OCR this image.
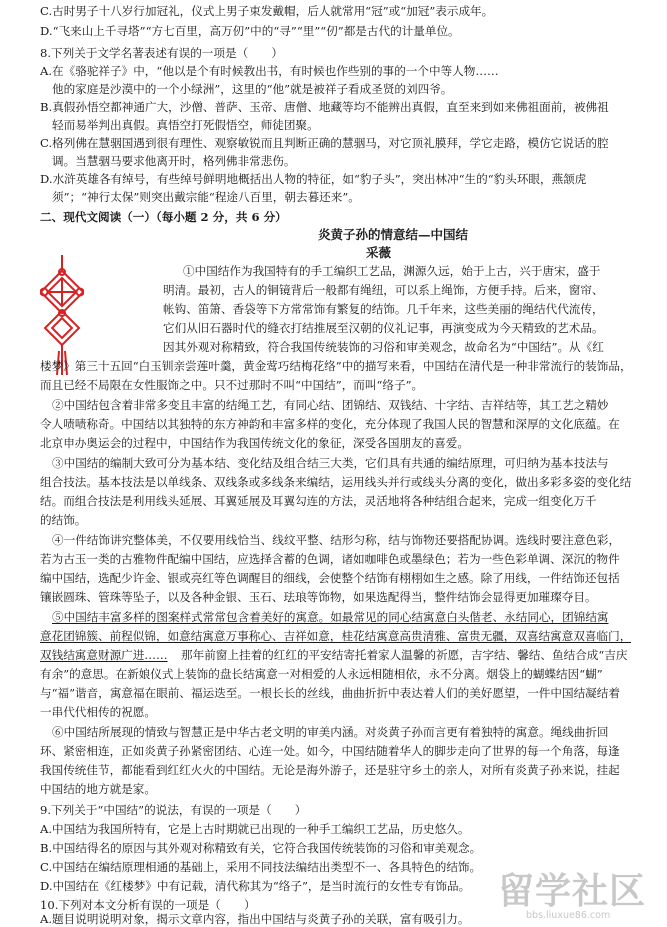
C.古时男子十八岁行加冠礼，仪式上男子束发戴帽，后人就常用“冠”或“加冠”表示成年。
D.“飞来山上千寻塔”“方七百里，高万仞”中的“寻”“里”“仞”都是古代的计量单位。
8.下列关于文学名著表述有误的一项是（　　）
A.在《骆驼祥子》中，“他以是个有时候教出书，有时候也作些别的事的一个中等人物……
他的家庭是沙漠中的一个小绿洲”，这里的“他”就是被祥子看成圣贤的刘四爷。
B.真假孙悟空都神通广大，沙僧、普萨、玉帝、唐僧、地藏等均不能辨出真假，直至来到如来佛祖面前，被佛祖
轻而易举判出真假。真悟空打死假悟空，师徒团聚。
C.格列佛在慧骃国遇到很有理性、观察敏锐而且判断正确的慧骃马，对它顶礼膜拜，学它走路，模仿它说话的腔
调。当慧骃马要求他离开时，格列佛非常悲伤。
D.水浒英雄各有绰号，有些绰号鲜明地概括出人物的特征，如“豹子头”，突出林冲“生的“豹头环眼，燕颔虎
须”；“神行太保”则突出戴宗能“程途八百里，朝去暮还来”。
二、现代文阅读（一）（每小题 2 分，共 6 分）
炎黄子孙的情意结—中国结
采薇
①中国结作为我国特有的手工编织工艺品，渊源久远，始于上古，兴于唐宋，盛于
明清。最初，古人的铜镜背后一般都有绳纽，可以系上绳饰，方便手持。后来，窗帘、
帐钩、笛箫、香袋等下方常常饰有繁复的结饰。几千年来，这些美丽的绳结代代流传，
它们从旧石器时代的缝衣打结推展至汉朝的仪礼记事，再演变成为今天精致的艺术品。
因其外观对称精致，符合我国传统装饰的习俗和审美观念，故命名为“中国结”。从《红
楼梦》第三十五回“白玉钏亲尝莲叶羹，黄金莺巧结梅花络”中的描写来看，中国结在清代是一种非常流行的装饰品，
而且已经不局限在女性服饰之中。只不过那时不叫“中国结”，而叫“络子”。
②中国结包含着非常多变且丰富的结绳工艺，有同心结、团锦结、双钱结、十字结、吉祥结等，其工艺之精妙
令人啧啧称奇。中国结以其独特的东方神韵和丰富多样的变化，充分体现了我国人民的智慧和深厚的文化底蕴。在
北京申办奥运会的过程中，中国结作为我国传统文化的象征，深受各国朋友的喜爱。
③中国结的编制大致可分为基本结、变化结及组合结三大类，它们具有共通的编结原理，可归纳为基本技法与
组合技法。基本技法是以单线条、双线条或多线条来编结，运用线头并行或线头分离的变化，做出多彩多姿的变化结
结。而组合技法是利用线头延展、耳翼延展及耳翼勾连的方法，灵活地将各种结组合起来，完成一组变化万千
的结饰。
④一件结饰讲究整体美，不仅要用线恰当、线纹平整、结形匀称，结与饰物还要搭配协调。选线时要注意色彩，
若为古玉一类的古雅物件配编中国结，应选择含蓄的色调，诸如咖啡色或墨绿色；若为一些色彩单调、深沉的物件
编中国结，选配少许金、银或亮红等色调醒目的细线，会使整个结饰有栩栩如生之感。除了用线，一件结饰还包括
镶嵌圆珠、管珠等坠子，以及各种金银、玉石、珐琅等饰物，如果选配得当，整件结饰会显得更加璀璨夺目。
⑤中国结丰富多样的图案样式常常包含着美好的寓意。如最常见的同心结寓意白头偕老、永结同心，团锦结寓
意花团锦簇、前程似锦，如意结寓意万事称心、吉祥如意，桂花结寓意高贵清雅、富贵无疆，双喜结寓意双喜临门，
双钱结寓意财源广进……	那年前窗上挂着的红红的平安结寄托着家人温馨的祈愿，吉字结、馨结、鱼结合成“吉庆
有余”的意思。在新娘仪式上装饰的盘长结寓意一对相爱的人永远相随相依，永不分离。烟袋上的蝴蝶结因“蝴”
与“福”谐音，寓意福在眼前、福运迭至。一根长长的丝线，曲曲折折中表达着人们的美好愿望，一件中国结凝结着
一串代代相传的祝愿。
⑥中国结所展现的情致与智慧正是中华古老文明的审美内涵。对炎黄子孙而言更有着独特的寓意。绳线曲折回
环、紧密相连，正如炎黄子孙紧密团结、心连一处。如今，中国结随着华人的脚步走向了世界的每一个角落，每逢
我国传统佳节，都能看到红红火火的中国结。无论是海外游子，还是驻守乡土的亲人，对所有炎黄子孙来说，挂起
中国结的地方就是家。
9.下列关于“中国结”的说法，有误的一项是（　　）
A.中国结为我国所特有，它是上古时期就已出现的一种手工编织工艺品，历史悠久。
B.中国结得名的原因与其外观对称精致有关，它符合我国传统装饰的习俗和审美观念。
C.中国结在编结原理相通的基础上，采用不同技法编结出类型不一、各具特色的结饰。
D.中国结在《红楼梦》中有记载，清代称其为“络子”，是当时流行的女性专有饰品。
10.下列对本文分析有误的一项是（　　）
A.题目说明说明对象，揭示文章内容，指出中国结与炎黄子孙的关联，富有吸引力。
留学社区
bbs.liuxue86.com
